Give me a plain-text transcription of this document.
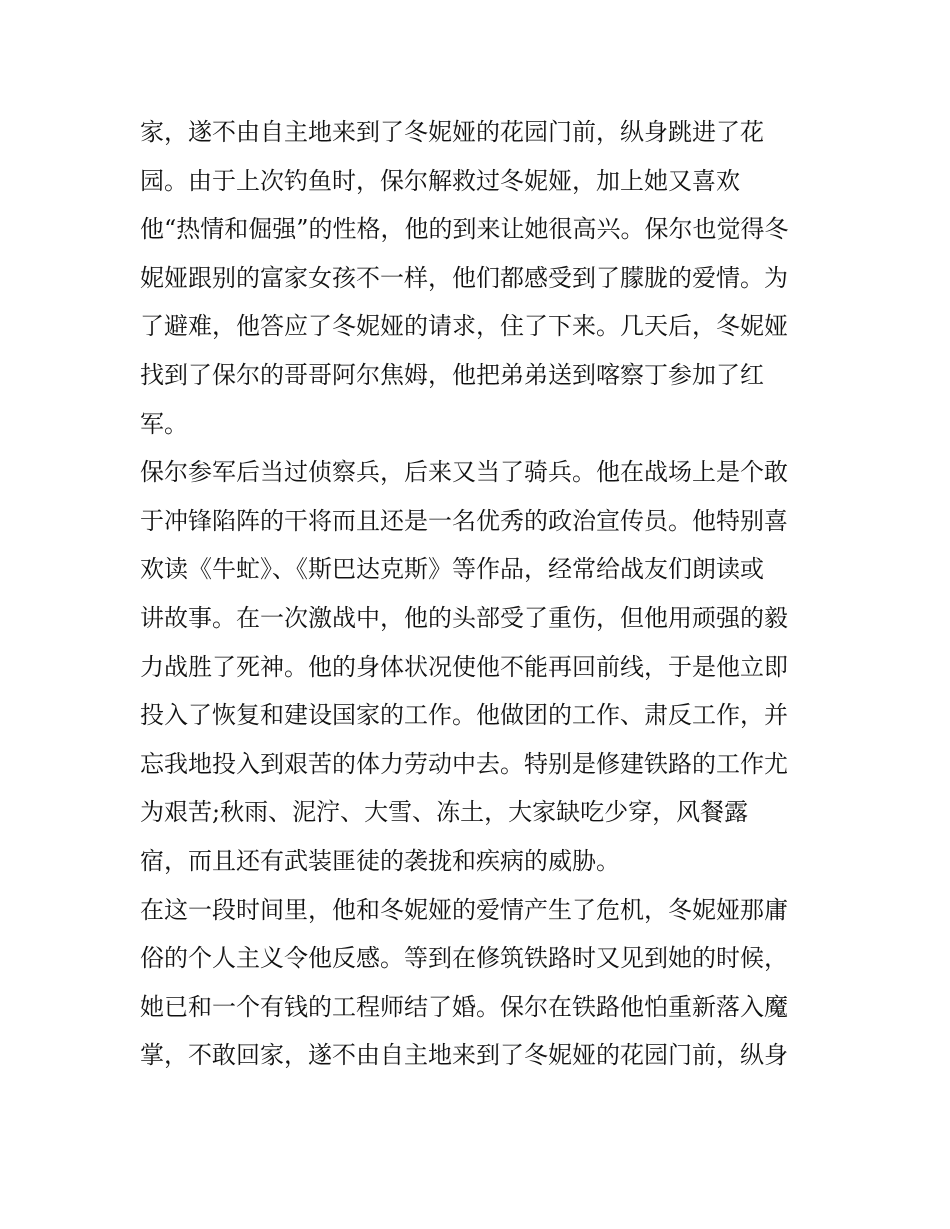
家，遂不由自主地来到了冬妮娅的花园门前，纵身跳进了花
园。由于上次钓鱼时，保尔解救过冬妮娅，加上她又喜欢
他“热情和倔强”的性格，他的到来让她很高兴。保尔也觉得冬
妮娅跟别的富家女孩不一样，他们都感受到了朦胧的爱情。为
了避难，他答应了冬妮娅的请求，住了下来。几天后，冬妮娅
找到了保尔的哥哥阿尔焦姆，他把弟弟送到喀察丁参加了红
军。
保尔参军后当过侦察兵，后来又当了骑兵。他在战场上是个敢
于冲锋陷阵的干将而且还是一名优秀的政治宣传员。他特别喜
欢读《牛虻》、《斯巴达克斯》等作品，经常给战友们朗读或
讲故事。在一次激战中，他的头部受了重伤，但他用顽强的毅
力战胜了死神。他的身体状况使他不能再回前线，于是他立即
投入了恢复和建设国家的工作。他做团的工作、肃反工作，并
忘我地投入到艰苦的体力劳动中去。特别是修建铁路的工作尤
为艰苦;秋雨、泥泞、大雪、冻土，大家缺吃少穿，风餐露
宿，而且还有武装匪徒的袭拢和疾病的威胁。
在这一段时间里，他和冬妮娅的爱情产生了危机，冬妮娅那庸
俗的个人主义令他反感。等到在修筑铁路时又见到她的时候，
她已和一个有钱的工程师结了婚。保尔在铁路他怕重新落入魔
掌，不敢回家，遂不由自主地来到了冬妮娅的花园门前，纵身
